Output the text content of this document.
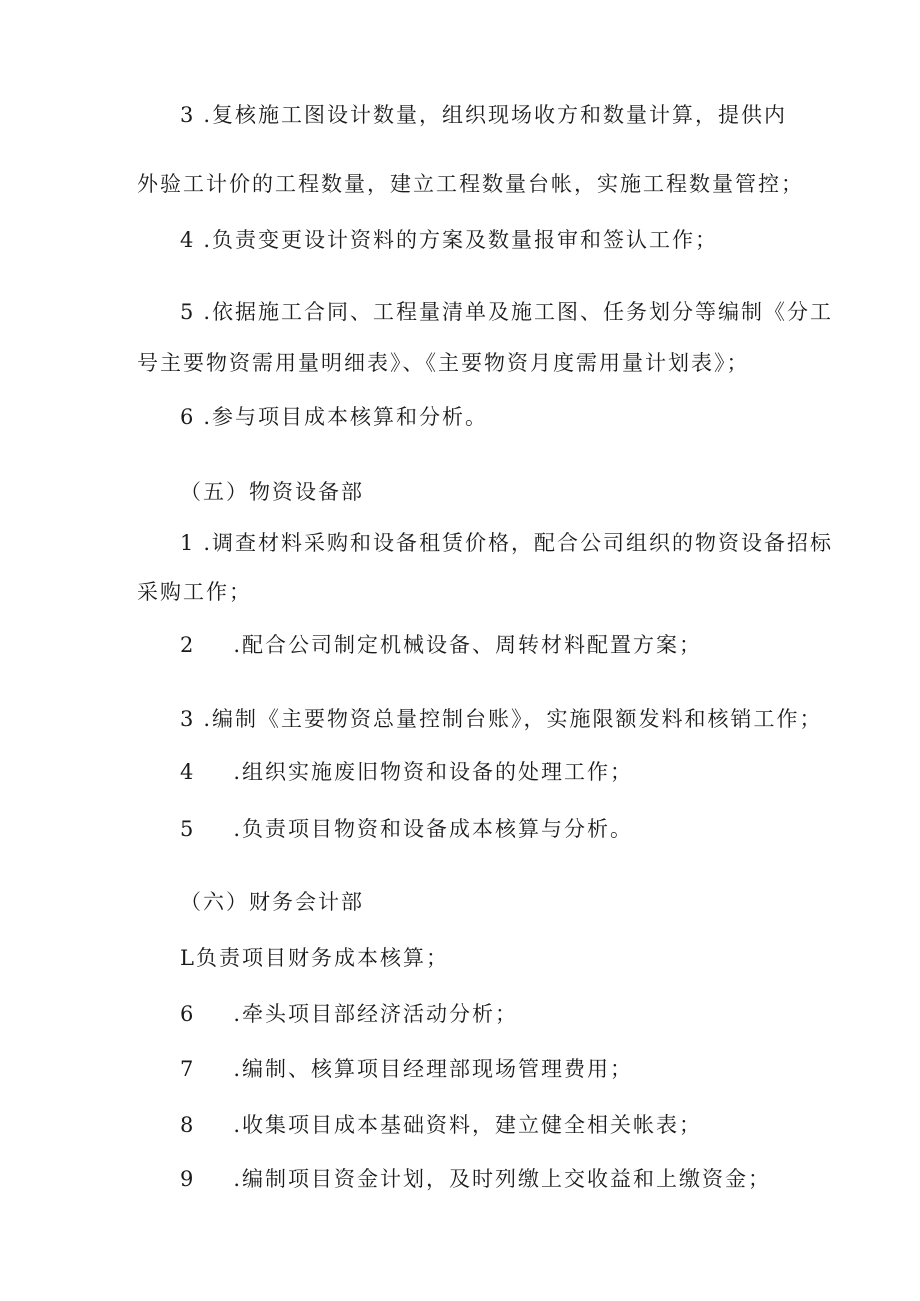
3 .复核施工图设计数量，组织现场收方和数量计算，提供内
外验工计价的工程数量，建立工程数量台帐，实施工程数量管控；
4 .负责变更设计资料的方案及数量报审和签认工作；
5 .依据施工合同、工程量清单及施工图、任务划分等编制《分工
号主要物资需用量明细表》、《主要物资月度需用量计划表》；
6 .参与项目成本核算和分析。
（五）物资设备部
1 .调查材料采购和设备租赁价格，配合公司组织的物资设备招标
采购工作；
2 .配合公司制定机械设备、周转材料配置方案；
3 .编制《主要物资总量控制台账》，实施限额发料和核销工作；
4 .组织实施废旧物资和设备的处理工作；
5 .负责项目物资和设备成本核算与分析。
（六）财务会计部
L负责项目财务成本核算；
6 .牵头项目部经济活动分析；
7 .编制、核算项目经理部现场管理费用；
8 .收集项目成本基础资料，建立健全相关帐表；
9 .编制项目资金计划，及时列缴上交收益和上缴资金；
